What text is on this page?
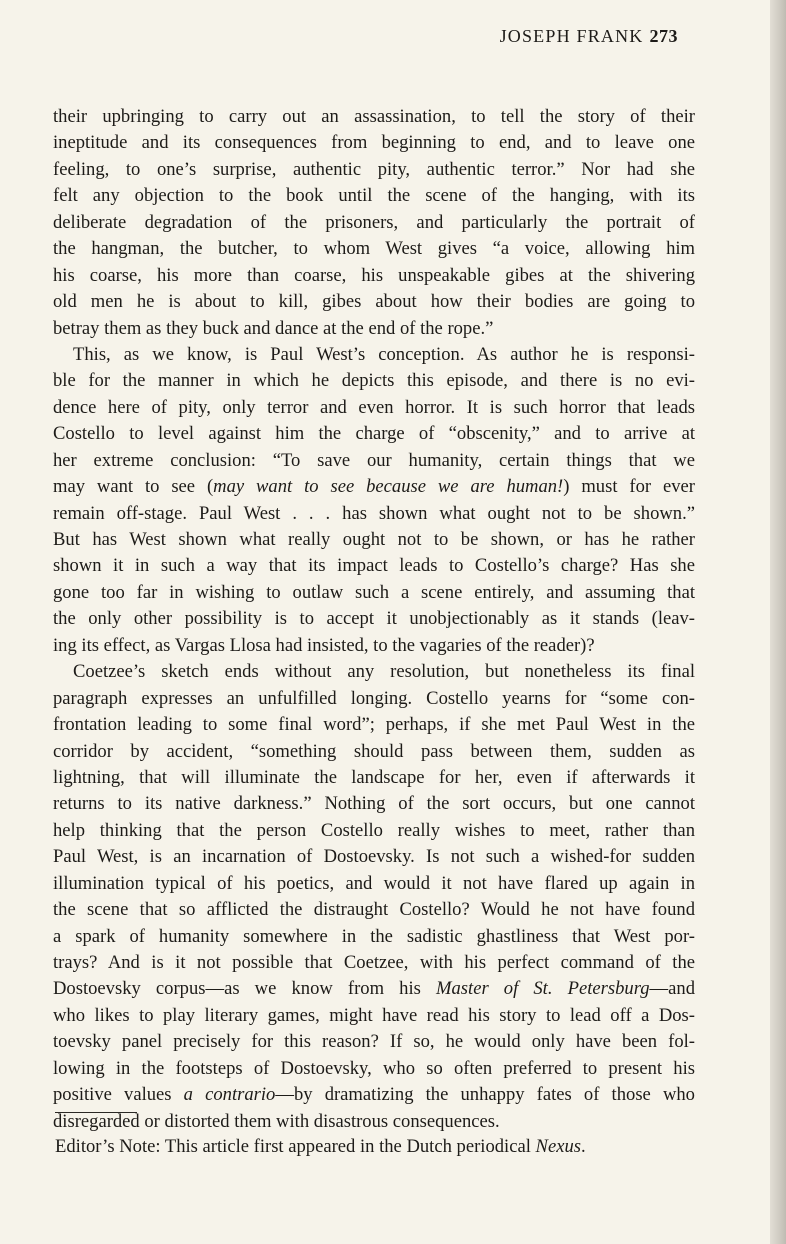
JOSEPH FRANK 273
their upbringing to carry out an assassination, to tell the story of their
ineptitude and its consequences from beginning to end, and to leave one
feeling, to one’s surprise, authentic pity, authentic terror.” Nor had she
felt any objection to the book until the scene of the hanging, with its
deliberate degradation of the prisoners, and particularly the portrait of
the hangman, the butcher, to whom West gives “a voice, allowing him
his coarse, his more than coarse, his unspeakable gibes at the shivering
old men he is about to kill, gibes about how their bodies are going to
betray them as they buck and dance at the end of the rope.”
This, as we know, is Paul West’s conception. As author he is responsi-
ble for the manner in which he depicts this episode, and there is no evi-
dence here of pity, only terror and even horror. It is such horror that leads
Costello to level against him the charge of “obscenity,” and to arrive at
her extreme conclusion: “To save our humanity, certain things that we
may want to see (may want to see because we are human!) must for ever
remain off-stage. Paul West . . . has shown what ought not to be shown.”
But has West shown what really ought not to be shown, or has he rather
shown it in such a way that its impact leads to Costello’s charge? Has she
gone too far in wishing to outlaw such a scene entirely, and assuming that
the only other possibility is to accept it unobjectionably as it stands (leav-
ing its effect, as Vargas Llosa had insisted, to the vagaries of the reader)?
Coetzee’s sketch ends without any resolution, but nonetheless its final
paragraph expresses an unfulfilled longing. Costello yearns for “some con-
frontation leading to some final word”; perhaps, if she met Paul West in the
corridor by accident, “something should pass between them, sudden as
lightning, that will illuminate the landscape for her, even if afterwards it
returns to its native darkness.” Nothing of the sort occurs, but one cannot
help thinking that the person Costello really wishes to meet, rather than
Paul West, is an incarnation of Dostoevsky. Is not such a wished-for sudden
illumination typical of his poetics, and would it not have flared up again in
the scene that so afflicted the distraught Costello? Would he not have found
a spark of humanity somewhere in the sadistic ghastliness that West por-
trays? And is it not possible that Coetzee, with his perfect command of the
Dostoevsky corpus—as we know from his Master of St. Petersburg—and
who likes to play literary games, might have read his story to lead off a Dos-
toevsky panel precisely for this reason? If so, he would only have been fol-
lowing in the footsteps of Dostoevsky, who so often preferred to present his
positive values a contrario—by dramatizing the unhappy fates of those who
disregarded or distorted them with disastrous consequences.
Editor’s Note: This article first appeared in the Dutch periodical Nexus.
